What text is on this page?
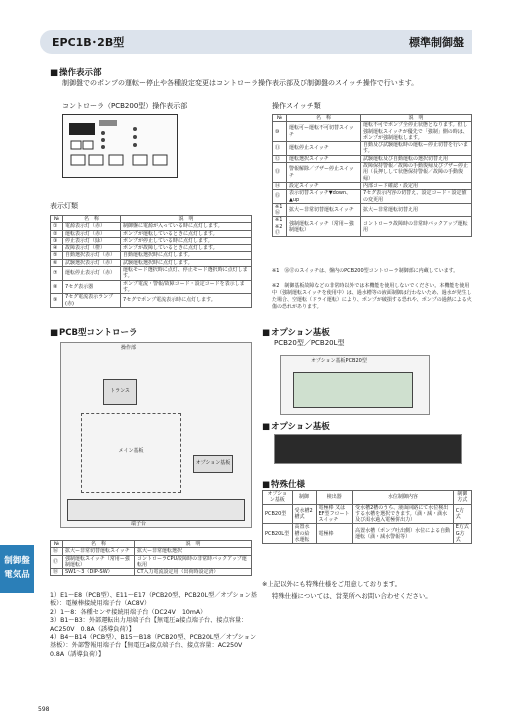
EPC1B･2B型	標準制御盤
■ 操作表示部
制御盤でのポンプの運転ー停止や各種設定変更はコントローラ操作表示部及び制御盤のスイッチ操作で行います。
コントローラ（PCB200型）操作表示部	操作スイッチ類
表示灯類
№	名　称	説　明
①	電源表示灯（赤）	制御盤に電源が入っている時に点灯します。
②	運転表示灯（赤）	ポンプが運転しているときに点灯します。
③	停止表示灯（緑）	ポンプが停止している時に点灯します。
④	故障表示灯（橙）	ポンプが故障しているときに点灯します。
⑤	自動選択表示灯（赤）	自動運転選択時に点灯します。
⑥	試験選択表示灯（赤）	試験運転選択時に点灯します。
⑦	運転停止表示灯（赤）	運転モード選択時に点灯、停止モード選択時に点灯します。
⑧	7セグ表示器	ポンプ電流・警報/故障コード・設定コードを表示します。
⑨	7セグ電流表示ランプ(赤)	7セグでポンプ電流表示時に点灯します。
№	名　称	説　明
⑩	運転可ー運転不可切替スイッチ	運転不可でポンプ全停止状態となります。但し強制運転スイッチが優先で「強制」側の時は、ポンプが強制運転します。
⑪	運転停止スイッチ	自動及び試験運転時の運転ー停止切替を行います。
⑫	運転選択スイッチ	試験運転及び自動運転の選択切替え用
⑬	警報解除／ブザー停止スイッチ	故障保持警報／故障の手動復帰及びブザー停止用（長押しして状態保持警報／故障の手動復帰）
⑭	設定スイッチ	内部コード確認・設定用
⑮	表示切替スイッチ▼down、▲up	7セグ表示内容の切替え、設定コード・設定値の変更用
※1 ⑯	拡大ー非常切替運転スイッチ	拡大ー非常運転切替え用
※1 ※2 ⑰	強制運転スイッチ（常用ー強制運転）	コントローラ故障時の非常時バックアップ運転用
※1　⑯⑰のスイッチは、盤内のPCB200型コントローラ制御部に内蔵しています。
※2　制御基板故障などの非常時以外では本機能を使用しないでください。本機能を使用中（強制運転スイッチを使用中）は、過水槽等の液面制御は行わないため、過水が発生した場合、空運転（ドライ運転）により、ポンプが破損する恐れや、ポンプの過熱による火傷の恐れがあります。
■ PCB型コントローラ
操作部
トランス
メイン基板
オプション基板
端子台
№	名　称	説　明
⑯	拡大ー非常切替運転スイッチ	拡大ー非常運転選択
⑰	強制運転スイッチ（常用ー強制運転）	コントローラCPU故障時の非常時バックアップ運転用
⑱	SW1〜3（DIP-SW）	CT入力電流設定用（出荷時設定済）
1）E1〜E8（PCB型）、E11〜E17（PCB20型、PCB20L型／オプション基板）：電極棒接続用端子台（AC8V）
2）1〜8：各種センサ接続用端子台（DC24V　10mA）
3）B1〜B3：外部運転出力用端子台【無電圧a接点端子台、接点容量：AC250V　0.8A（誘導負荷）】
4）B4〜B14（PCB型）、B15〜B18（PCB20型、PCB20L型／オプション基板）：外部警報用端子台【無電圧a接点端子台、接点容量：AC250V　0.8A（誘導負荷）】
■ オプション基板
PCB20型／PCB20L型
オプション基板PCB20型
■ オプション基板
■ 特殊仕様
オプション基板	制御	検出器	水位制御内容	制御方式
PCB20型	受水槽2槽式	電極棒 又は EF型フロートスイッチ	受水槽2槽のうち、液面回路にて水位検出する水槽を選択できます。（満・減・満水及び渇水過入電極併出力）	C方式
PCB20L型	高置水槽の給水運転	電極棒	高置水槽（ポンプ吐出側）水位による自動運転（満・減水警報等）	E方式 G方式
※上記以外にも特殊仕様をご用意しております。
特殊仕様については、営業所へお問い合わせください。
制御盤 電気品
598
